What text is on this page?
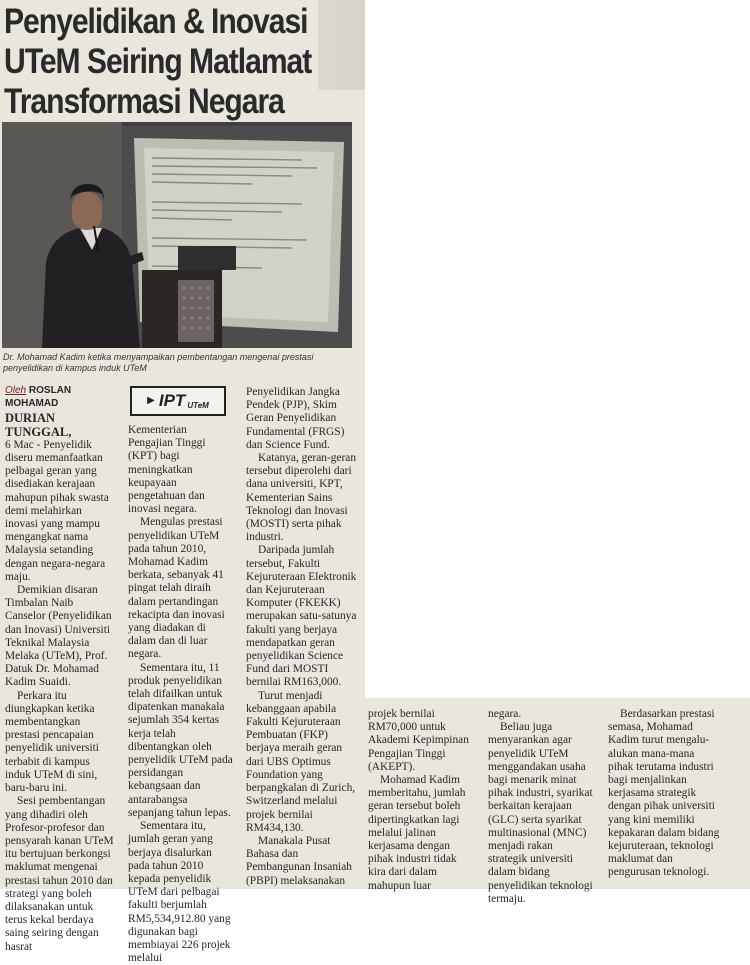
Penyelidikan & Inovasi
UTeM Seiring Matlamat
Transformasi Negara
Dr. Mohamad Kadim ketika menyampaikan pembentangan mengenai prestasi penyelidikan di kampus induk UTeM
Oleh ROSLAN MOHAMAD
DURIAN TUNGGAL,

6 Mac - Penyelidik diseru memanfaatkan pelbagai geran yang disediakan kerajaan mahupun pihak swasta demi melahirkan inovasi yang mampu mengangkat nama Malaysia setanding dengan negara-negara maju.

Demikian disaran Timbalan Naib Canselor (Penyelidikan dan Inovasi) Universiti Teknikal Malaysia Melaka (UTeM), Prof. Datuk Dr. Mohamad Kadim Suaidi.

Perkara itu diungkapkan ketika membentangkan prestasi pencapaian penyelidik universiti terbabit di kampus induk UTeM di sini, baru-baru ini.

Sesi pembentangan yang dihadiri oleh Profesor-profesor dan pensyarah kanan UTeM itu bertujuan berkongsi maklumat mengenai prestasi tahun 2010 dan strategi yang boleh dilaksanakan untuk terus kekal berdaya saing seiring dengan hasrat

▶ IPT UTeM

Kementerian Pengajian Tinggi (KPT) bagi meningkatkan keupayaan pengetahuan dan inovasi negara.

Mengulas prestasi penyelidikan UTeM pada tahun 2010, Mohamad Kadim berkata, sebanyak 41 pingat telah diraih dalam pertandingan rekacipta dan inovasi yang diadakan di dalam dan di luar negara.

Sementara itu, 11 produk penyelidikan telah difailkan untuk dipatenkan manakala sejumlah 354 kertas kerja telah dibentangkan oleh penyelidik UTeM pada persidangan kebangsaan dan antarabangsa sepanjang tahun lepas.

Sementara itu, jumlah geran yang berjaya disalurkan pada tahun 2010 kepada penyelidik UTeM dari pelbagai fakulti berjumlah RM5,534,912.80 yang digunakan bagi membiayai 226 projek melalui

Penyelidikan Jangka Pendek (PJP), Skim Geran Penyelidikan Fundamental (FRGS) dan Science Fund.

Katanya, geran-geran tersebut diperolehi dari dana universiti, KPT, Kementerian Sains Teknologi dan Inovasi (MOSTI) serta pihak industri.

Daripada jumlah tersebut, Fakulti Kejuruteraan Elektronik dan Kejuruteraan Komputer (FKEKK) merupakan satu-satunya fakulti yang berjaya mendapatkan geran penyelidikan Science Fund dari MOSTI bernilai RM163,000.

Turut menjadi kebanggaan apabila Fakulti Kejuruteraan Pembuatan (FKP) berjaya meraih geran dari UBS Optimus Foundation yang berpangkalan di Zurich, Switzerland melalui projek bernilai RM434,130.

Manakala Pusat Bahasa dan Pembangunan Insaniah (PBPI) melaksanakan

projek bernilai RM70,000 untuk Akademi Kepimpinan Pengajian Tinggi (AKEPT).

Mohamad Kadim memberitahu, jumlah geran tersebut boleh dipertingkatkan lagi melalui jalinan kerjasama dengan pihak industri tidak kira dari dalam mahupun luar

negara.

Beliau juga menyarankan agar penyelidik UTeM menggandakan usaha bagi menarik minat pihak industri, syarikat berkaitan kerajaan (GLC) serta syarikat multinasional (MNC) menjadi rakan strategik universiti dalam bidang penyelidikan teknologi termaju.

Berdasarkan prestasi semasa, Mohamad Kadim turut mengalu-alukan mana-mana pihak terutama industri bagi menjalinkan kerjasama strategik dengan pihak universiti yang kini memiliki kepakaran dalam bidang kejuruteraan, teknologi maklumat dan pengurusan teknologi.
